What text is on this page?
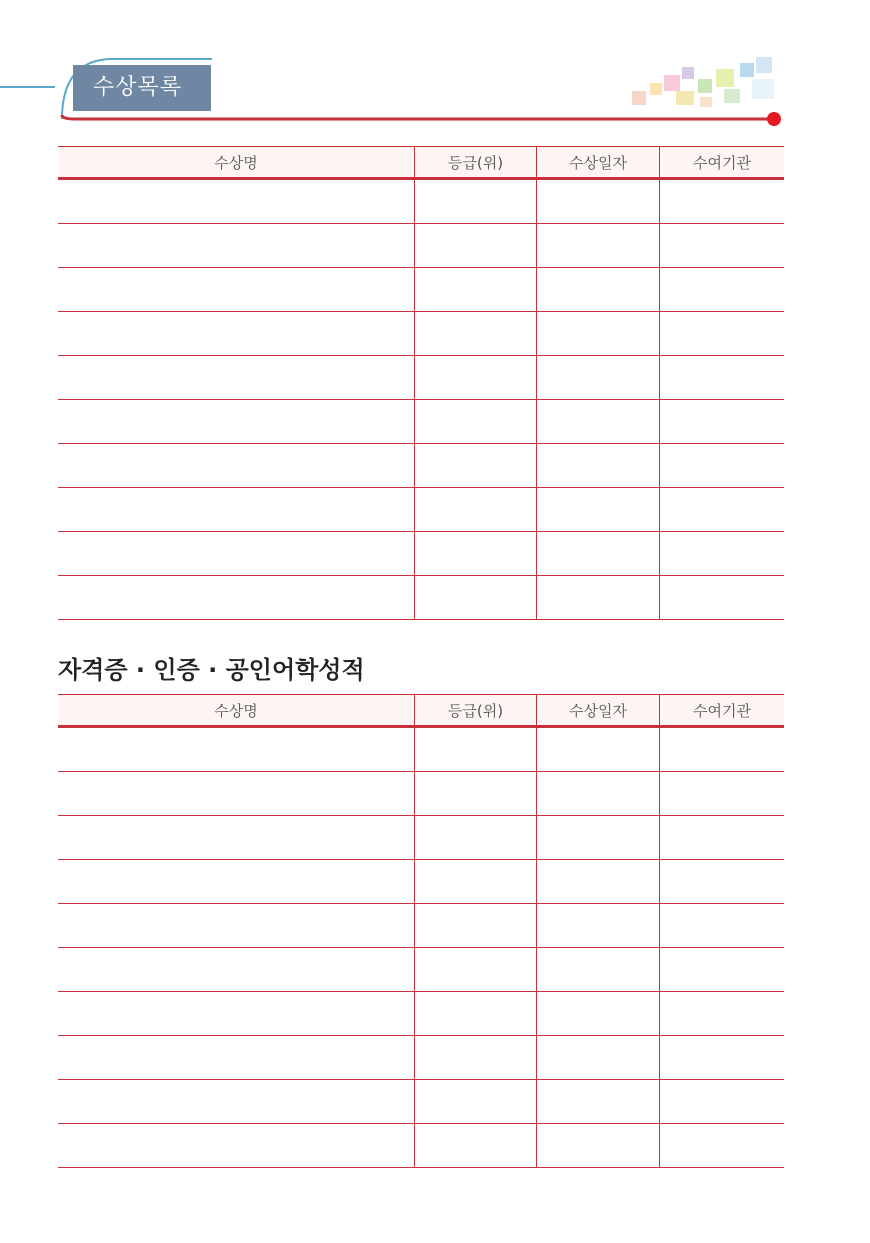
수상목록
수상명	등급(위)	수상일자	수여기관

자격증 · 인증 · 공인어학성적
수상명	등급(위)	수상일자	수여기관
